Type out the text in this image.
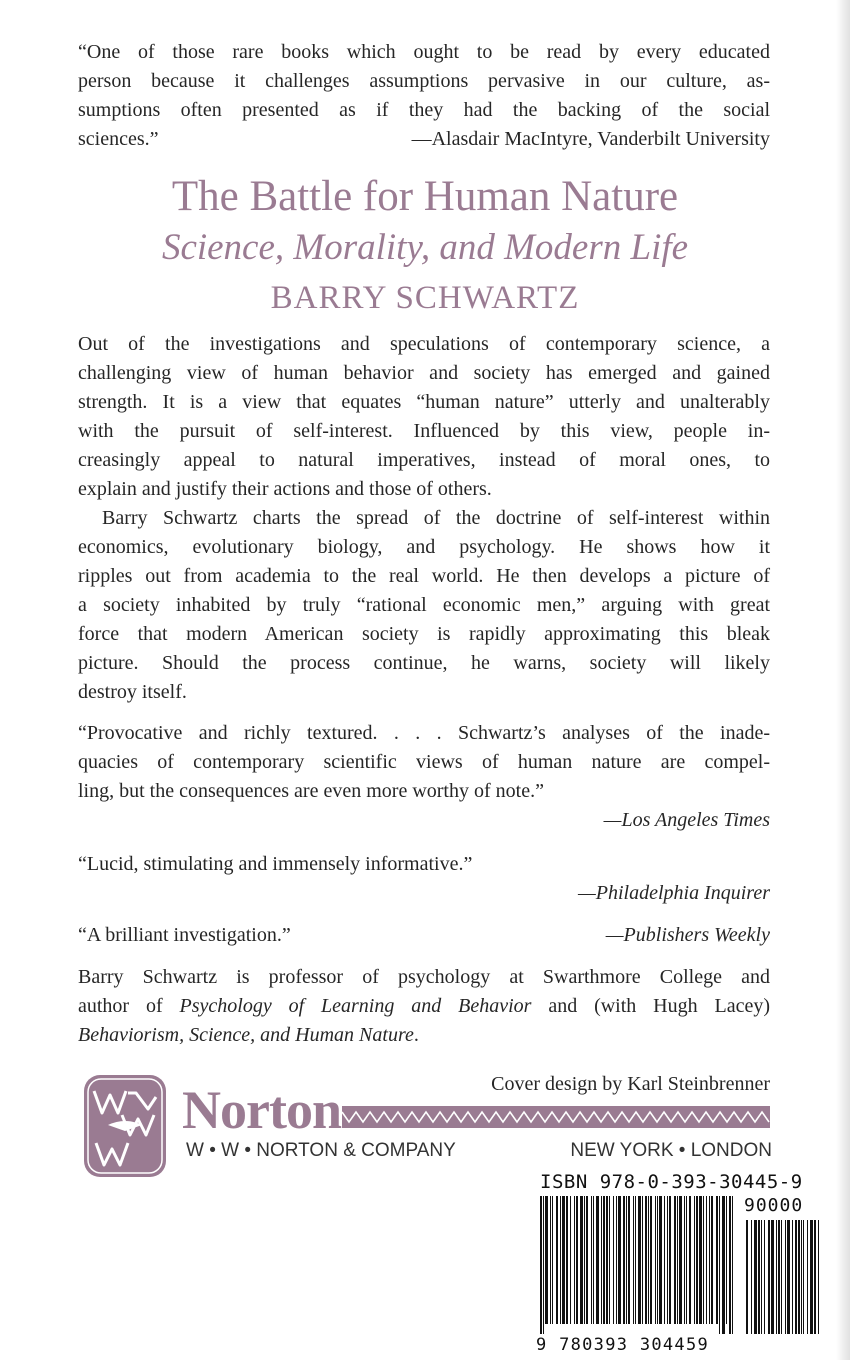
“One of those rare books which ought to be read by every educated
person because it challenges assumptions pervasive in our culture, as-
sumptions often presented as if they had the backing of the social
sciences.”	—Alasdair MacIntyre, Vanderbilt University
The Battle for Human Nature
Science, Morality, and Modern Life
BARRY SCHWARTZ
Out of the investigations and speculations of contemporary science, a
challenging view of human behavior and society has emerged and gained
strength. It is a view that equates “human nature” utterly and unalterably
with the pursuit of self-interest. Influenced by this view, people in-
creasingly appeal to natural imperatives, instead of moral ones, to
explain and justify their actions and those of others.
Barry Schwartz charts the spread of the doctrine of self-interest within
economics, evolutionary biology, and psychology. He shows how it
ripples out from academia to the real world. He then develops a picture of
a society inhabited by truly “rational economic men,” arguing with great
force that modern American society is rapidly approximating this bleak
picture. Should the process continue, he warns, society will likely
destroy itself.
“Provocative and richly textured. . . . Schwartz’s analyses of the inade-
quacies of contemporary scientific views of human nature are compel-
ling, but the consequences are even more worthy of note.”
—Los Angeles Times
“Lucid, stimulating and immensely informative.”
—Philadelphia Inquirer
“A brilliant investigation.”	—Publishers Weekly
Barry Schwartz is professor of psychology at Swarthmore College and
author of Psychology of Learning and Behavior and (with Hugh Lacey)
Behaviorism, Science, and Human Nature.
Norton	Cover design by Karl Steinbrenner
W • W • NORTON & COMPANY	NEW YORK • LONDON
ISBN 978-0-393-30445-9
90000
9 780393 304459
